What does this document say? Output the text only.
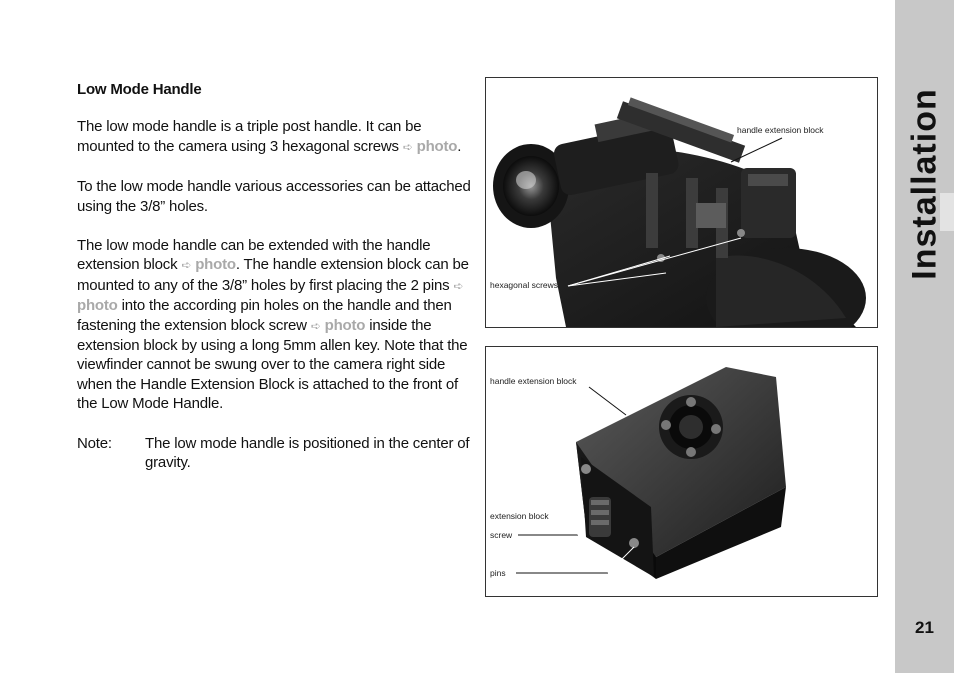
Low Mode Handle
The low mode handle is a triple post handle. It can be mounted to the camera using 3 hexagonal screws ➪ photo.
To the low mode handle various accessories can be attached using the 3/8” holes.
The low mode handle can be extended with the handle extension block ➪ photo. The handle extension block can be mounted to any of the 3/8” holes by first placing the 2 pins ➪ photo into the according pin holes on the handle and then fastening the extension block screw ➪ photo inside the extension block by using a long 5mm allen key. Note that the viewfinder cannot be swung over to the camera right side when the Handle Extension Block is attached to the front of the Low Mode Handle.
Note:	The low mode handle is positioned in the center of gravity.
handle extension block
hexagonal screws
handle extension block
extension block
screw
pins
Installation
21
